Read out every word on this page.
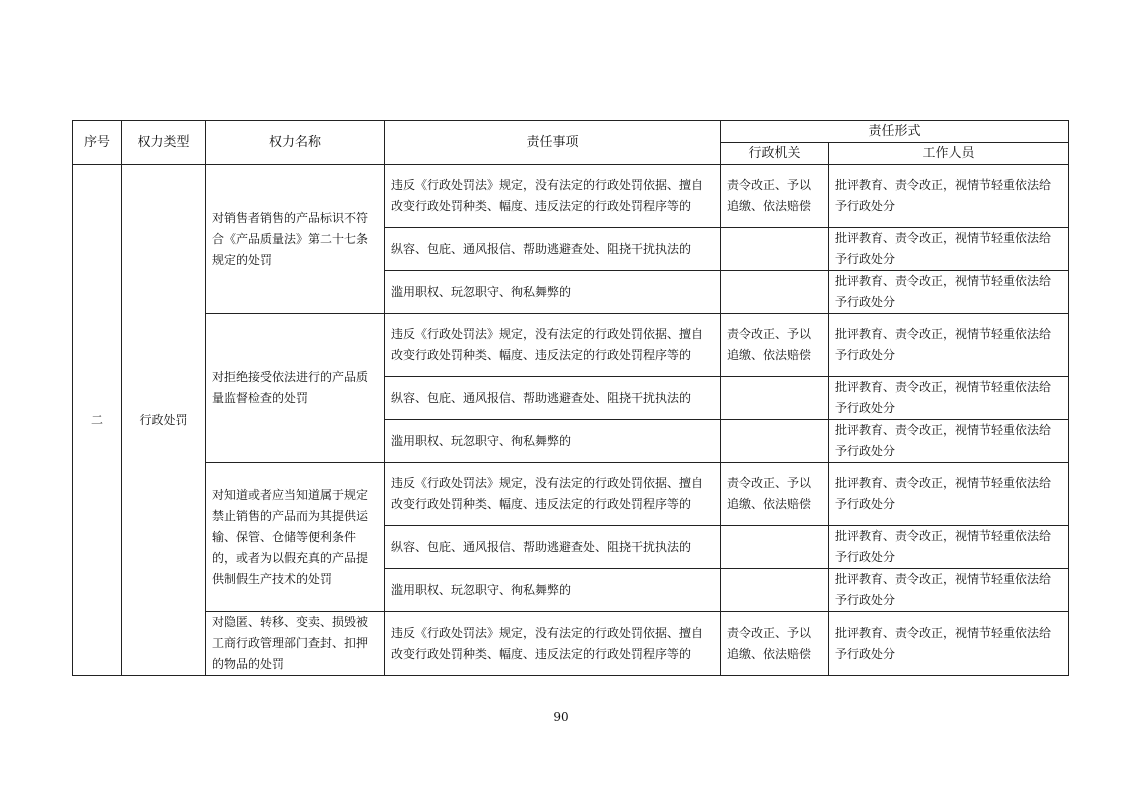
序号	权力类型	权力名称	责任事项	责任形式	
				行政机关	工作人员
二	行政处罚	对销售者销售的产品标识不符合《产品质量法》第二十七条规定的处罚	违反《行政处罚法》规定，没有法定的行政处罚依据、擅自改变行政处罚种类、幅度、违反法定的行政处罚程序等的	责令改正、予以追缴、依法赔偿	批评教育、责令改正，视情节轻重依法给予行政处分
			纵容、包庇、通风报信、帮助逃避查处、阻挠干扰执法的		批评教育、责令改正，视情节轻重依法给予行政处分
			滥用职权、玩忽职守、徇私舞弊的		批评教育、责令改正，视情节轻重依法给予行政处分
		对拒绝接受依法进行的产品质量监督检查的处罚	违反《行政处罚法》规定，没有法定的行政处罚依据、擅自改变行政处罚种类、幅度、违反法定的行政处罚程序等的	责令改正、予以追缴、依法赔偿	批评教育、责令改正，视情节轻重依法给予行政处分
			纵容、包庇、通风报信、帮助逃避查处、阻挠干扰执法的		批评教育、责令改正，视情节轻重依法给予行政处分
			滥用职权、玩忽职守、徇私舞弊的		批评教育、责令改正，视情节轻重依法给予行政处分
		对知道或者应当知道属于规定禁止销售的产品而为其提供运输、保管、仓储等便利条件的，或者为以假充真的产品提供制假生产技术的处罚	违反《行政处罚法》规定，没有法定的行政处罚依据、擅自改变行政处罚种类、幅度、违反法定的行政处罚程序等的	责令改正、予以追缴、依法赔偿	批评教育、责令改正，视情节轻重依法给予行政处分
			纵容、包庇、通风报信、帮助逃避查处、阻挠干扰执法的		批评教育、责令改正，视情节轻重依法给予行政处分
			滥用职权、玩忽职守、徇私舞弊的		批评教育、责令改正，视情节轻重依法给予行政处分
		对隐匿、转移、变卖、损毁被工商行政管理部门查封、扣押的物品的处罚	违反《行政处罚法》规定，没有法定的行政处罚依据、擅自改变行政处罚种类、幅度、违反法定的行政处罚程序等的	责令改正、予以追缴、依法赔偿	批评教育、责令改正，视情节轻重依法给予行政处分
90
